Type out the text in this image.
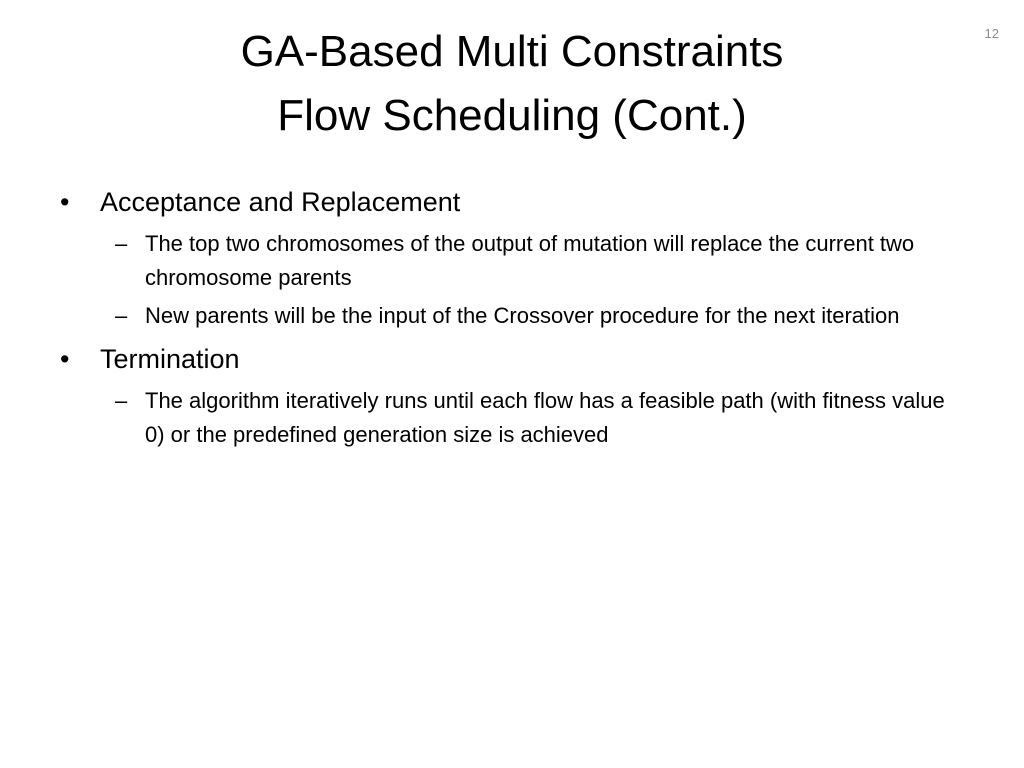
12
GA-Based Multi Constraints
Flow Scheduling (Cont.)
• Acceptance and Replacement
– The top two chromosomes of the output of mutation will replace the current two chromosome parents
– New parents will be the input of the Crossover procedure for the next iteration
• Termination
– The algorithm iteratively runs until each flow has a feasible path (with fitness value 0) or the predefined generation size is achieved
